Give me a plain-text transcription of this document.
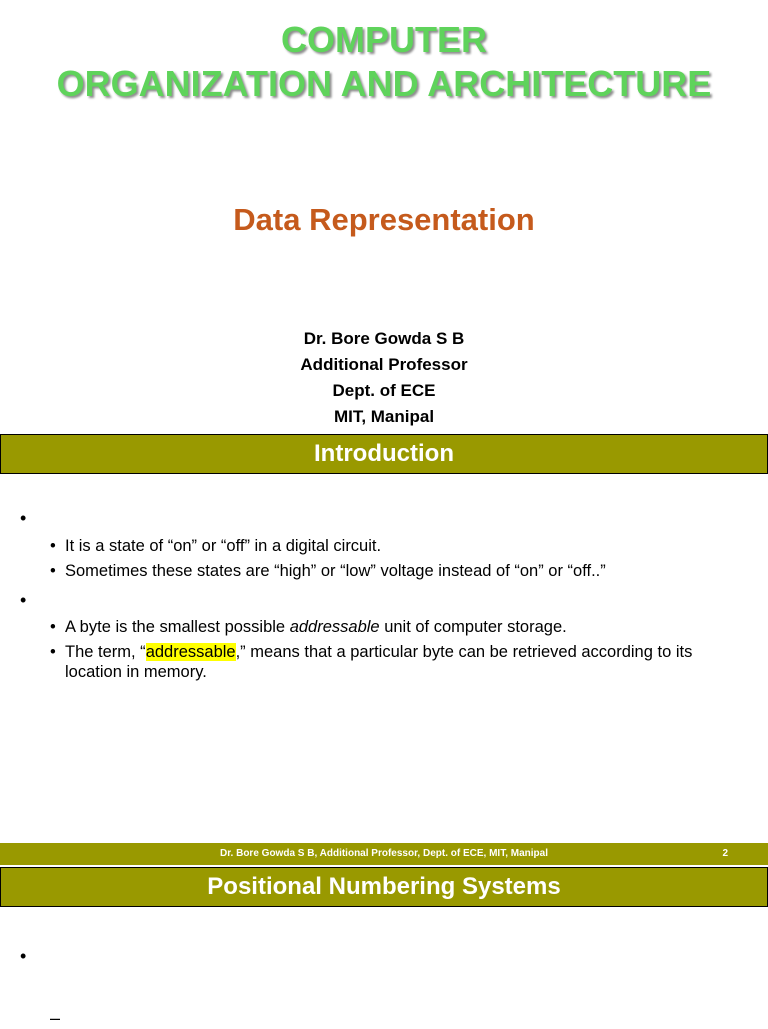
COMPUTER
ORGANIZATION AND ARCHITECTURE
Data Representation
Dr. Bore Gowda S B
Additional Professor
Dept. of ECE
MIT, Manipal
Introduction
•
• It is a state of “on” or “off” in a digital circuit.
• Sometimes these states are “high” or “low” voltage instead of “on” or “off..”
•
• A byte is the smallest possible addressable unit of computer storage.
• The term, “addressable,” means that a particular byte can be retrieved according to its location in memory.
Dr. Bore Gowda S B, Additional Professor, Dept. of ECE, MIT, Manipal	2
Positional Numbering Systems
•
–
